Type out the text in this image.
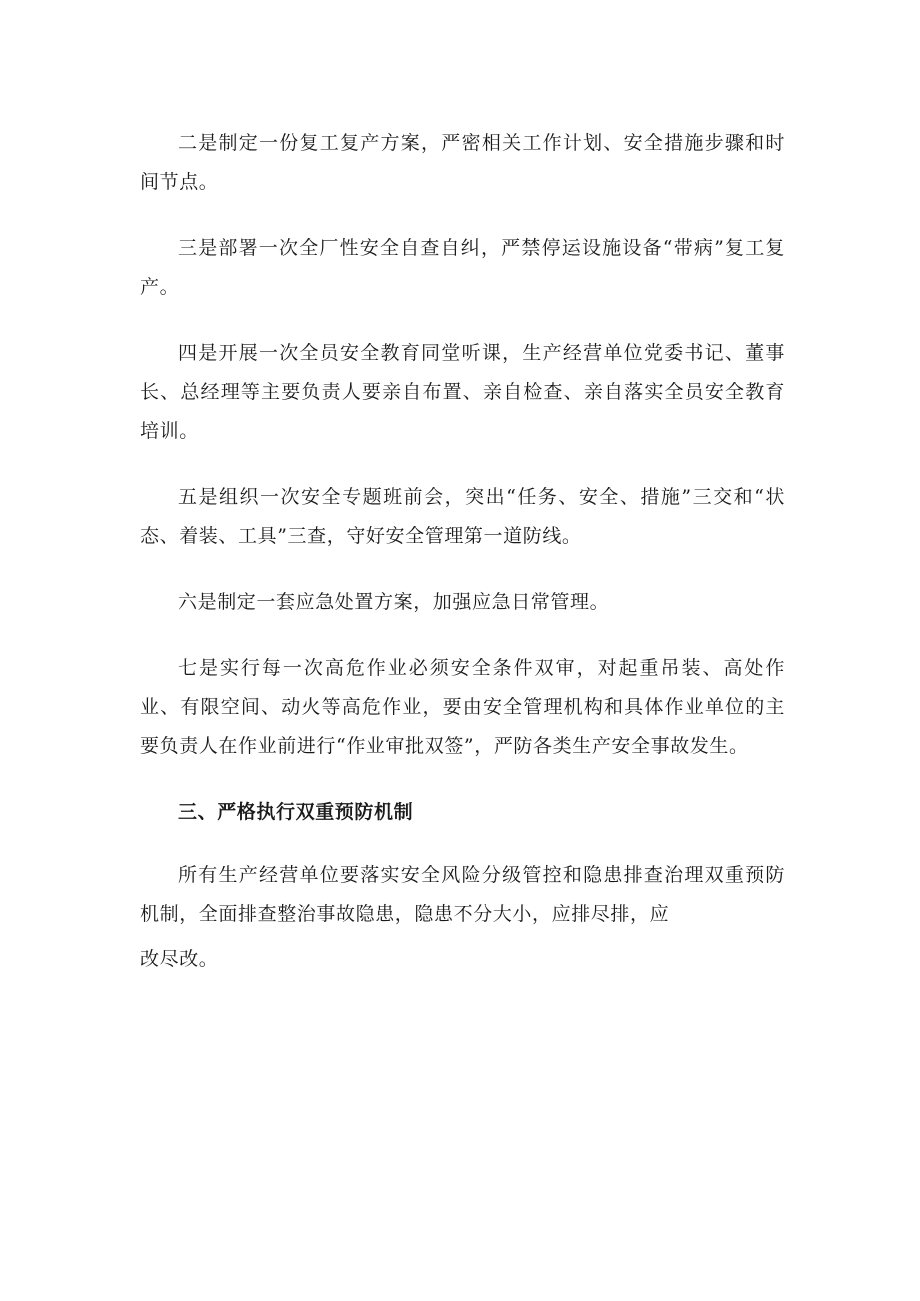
二是制定一份复工复产方案，严密相关工作计划、安全措施步骤和时间节点。

三是部署一次全厂性安全自查自纠，严禁停运设施设备“带病”复工复产。

四是开展一次全员安全教育同堂听课，生产经营单位党委书记、董事长、总经理等主要负责人要亲自布置、亲自检查、亲自落实全员安全教育培训。

五是组织一次安全专题班前会，突出“任务、安全、措施”三交和“状态、着装、工具”三查，守好安全管理第一道防线。

六是制定一套应急处置方案，加强应急日常管理。

七是实行每一次高危作业必须安全条件双审，对起重吊装、高处作业、有限空间、动火等高危作业，要由安全管理机构和具体作业单位的主要负责人在作业前进行“作业审批双签”，严防各类生产安全事故发生。

三、严格执行双重预防机制

所有生产经营单位要落实安全风险分级管控和隐患排查治理双重预防机制，全面排查整治事故隐患，隐患不分大小，应排尽排，应

改尽改。
